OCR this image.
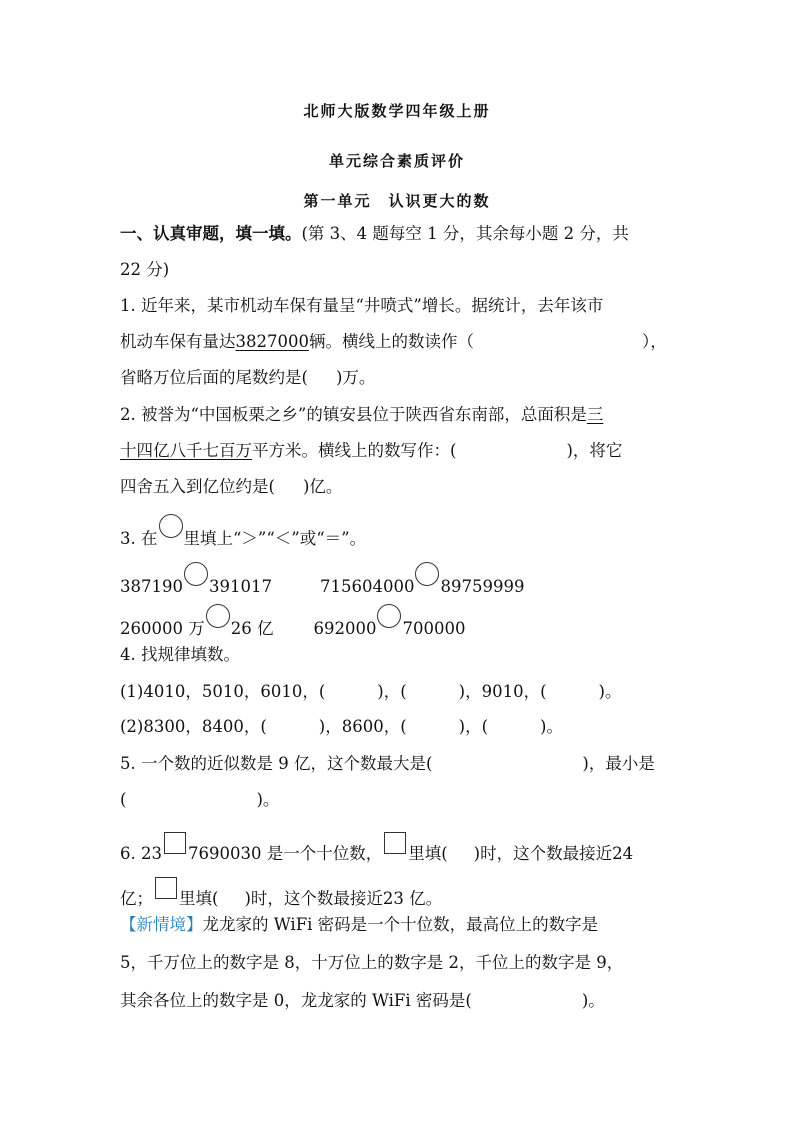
北师大版数学四年级上册
单元综合素质评价
第一单元　认识更大的数
一、认真审题，填一填。(第 3、4 题每空 1 分，其余每小题 2 分，共
22 分)
1. 近年来，某市机动车保有量呈“井喷式”增长。据统计，去年该市
机动车保有量达3827000辆。横线上的数读作（	），
省略万位后面的尾数约是( )万。
2. 被誉为“中国板栗之乡”的镇安县位于陕西省东南部，总面积是三
十四亿八千七百万平方米。横线上的数写作：(	)，将它
四舍五入到亿位约是( )亿。
3. 在 里填上“＞”“＜”或“＝”。
387190 391017	715604000 89759999
260000 万 26 亿 692000 700000
4. 找规律填数。
(1)4010，5010，6010，(	)，(	)，9010，(	)。
(2)8300，8400，(	)，8600，(	)，(	)。
5. 一个数的近似数是 9 亿，这个数最大是(	)，最小是
(	)。
6. 23 7690030 是一个十位数， 里填( )时，这个数最接近24
亿； 里填( )时，这个数最接近23 亿。
【新情境】龙龙家的 WiFi 密码是一个十位数，最高位上的数字是
5，千万位上的数字是 8，十万位上的数字是 2，千位上的数字是 9，
其余各位上的数字是 0，龙龙家的 WiFi 密码是(	)。
